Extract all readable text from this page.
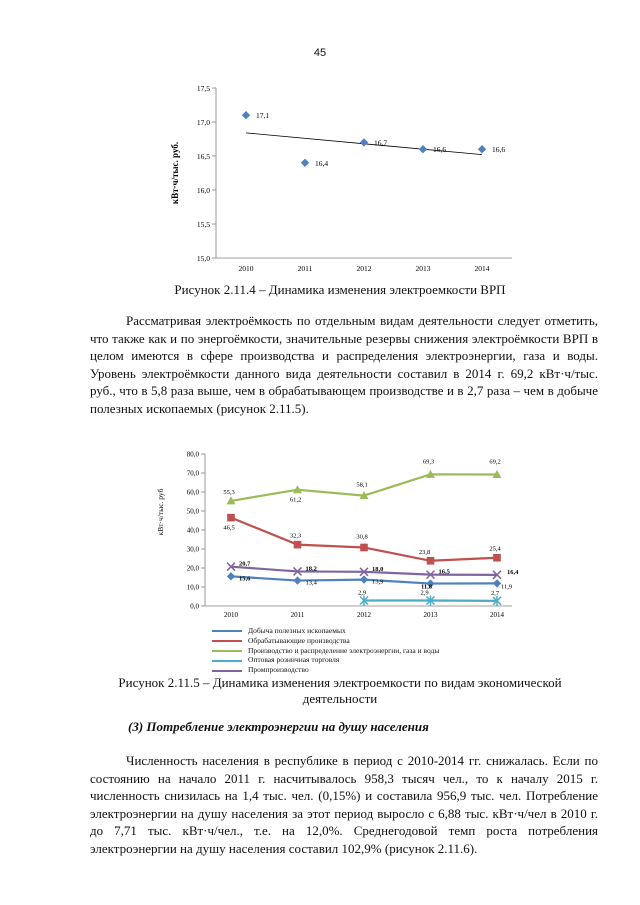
45
15,0
15,5
16,0
16,5
17,0
17,5
2010	2011	2012	2013	2014
кВт·ч/тыс. руб.
17,1
16,4
16,7
16,6	16,6
Рисунок 2.11.4 – Динамика изменения электроемкости ВРП

Рассматривая электроёмкость по отдельным видам деятельности следует отметить, что также как и по энергоёмкости, значительные резервы снижения электроёмкости ВРП в целом имеются в сфере производства и распределения электроэнергии, газа и воды. Уровень электроёмкости данного вида деятельности составил в 2014 г. 69,2 кВт·ч/тыс. руб., что в 5,8 раза выше, чем в обрабатывающем производстве и в 2,7 раза – чем в добыче полезных ископаемых (рисунок 2.11.5).

0,0
10,0
20,0
30,0
40,0
50,0
60,0
70,0
80,0
2010	2011	2012	2013	2014
кВт·ч/тыс. руб
15,6
13,4	13,9
11,8	11,9
46,5
32,3	30,8
23,8	25,4
55,3
61,2
58,1
69,3	69,2
2,9	2,9	2,7
20,7
18,2	18,0	16,5	16,4
Добыча полезных ископаемых
Обрабатывающие производства
Производство и распределение электроэнергии, газа и воды
Оптовая розничная торговля
Промпроизводство
Рисунок 2.11.5 – Динамика изменения электроемкости по видам экономической
деятельности
(3) Потребление электроэнергии на душу населения

Численность населения в республике в период с 2010-2014 гг. снижалась. Если по состоянию на начало 2011 г. насчитывалось 958,3 тысяч чел., то к началу 2015 г. численность снизилась на 1,4 тыс. чел. (0,15%) и составила 956,9 тыс. чел. Потребление электроэнергии на душу населения за этот период выросло с 6,88 тыс. кВт·ч/чел в 2010 г. до 7,71 тыс. кВт·ч/чел., т.е. на 12,0%. Среднегодовой темп роста потребления электроэнергии на душу населения составил 102,9% (рисунок 2.11.6).
